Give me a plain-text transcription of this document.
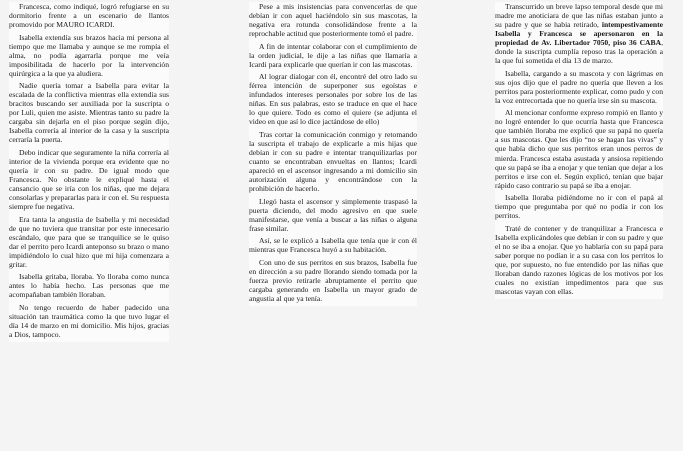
Francesca, como indiqué, logró refugiarse en su dormitorio frente a un escenario de llantos promovido por MAURO ICARDI.

Isabella extendía sus brazos hacia mi persona al tiempo que me llamaba y aunque se me rompía el alma, no podía agarrarla porque me veía imposibilitada de hacerlo por la intervención quirúrgica a la que ya aludiera.

Nadie quería tomar a Isabella para evitar la escalada de la conflictiva mientras ella extendía sus bracitos buscando ser auxiliada por la suscripta o por Luli, quien me asiste. Mientras tanto su padre la cargaba sin dejarla en el piso porque según dijo, Isabella correría al interior de la casa y la suscripta cerraría la puerta.

Debo indicar que seguramente la niña correría al interior de la vivienda porque era evidente que no quería ir con su padre. De igual modo que Francesca. No obstante le expliqué hasta el cansancio que se iría con los niñas, que me dejara consolarlas y prepararlas para ir con el. Su respuesta siempre fue negativa.

Era tanta la angustia de Isabella y mi necesidad de que no tuviera que transitar por este innecesario escándalo, que para que se tranquilice se le quiso dar el perrito pero Icardi anteponso su brazo o mano impidiéndolo lo cual hizo que mi hija comenzara a gritar.

Isabella gritaba, lloraba. Yo lloraba como nunca antes lo había hecho. Las personas que me acompañaban también lloraban.

No tengo recuerdo de haber padecido una situación tan traumática como la que tuvo lugar el día 14 de marzo en mi domicilio. Mis hijos, gracias a Dios, tampoco.

Pese a mis insistencias para convencerlas de que debían ir con aquel haciéndolo sin sus mascotas, la negativa era rotunda consolidándose frente a la reprochable actitud que posteriormente tomó el padre.

A fin de intentar colaborar con el cumplimiento de la orden judicial, le dije a las niñas que llamaría a Icardi para explicarle que querían ir con las mascotas.

Al lograr dialogar con él, encontré del otro lado su férrea intención de superponer sus egoístas e infundados intereses personales por sobre los de las niñas. En sus palabras, esto se traduce en que el hace lo que quiere. Todo es como el quiere (se adjunta el video en que así lo dice jactándose de ello)

Tras cortar la comunicación conmigo y retomando la suscripta el trabajo de explicarle a mis hijas que debían ir con su padre e intentar tranquilizarlas por cuanto se encontraban envueltas en llantos; Icardi apareció en el ascensor ingresando a mi domicilio sin autorización alguna y encontrándose con la prohibición de hacerlo.

Llegó hasta el ascensor y simplemente traspasó la puerta diciendo, del modo agresivo en que suele manifestarse, que venía a buscar a las niñas o alguna frase similar.

Así, se le explicó a Isabella que tenía que ir con él mientras que Francesca huyó a su habitación.

Con uno de sus perritos en sus brazos, Isabella fue en dirección a su padre llorando siendo tomada por la fuerza previo retirarle abruptamente el perrito que cargaba generando en Isabella un mayor grado de angustia al que ya tenía.

Transcurrido un breve lapso temporal desde que mi madre me anoticiara de que las niñas estaban junto a su padre y que se habia retirado, intempestivamente Isabella y Francesca se apersonaron en la propiedad de Av. Libertador 7050, piso 36 CABA, donde la suscripta cumplía reposo tras la operación a la que fui sometida el día 13 de marzo.

Isabella, cargando a su mascota y con lágrimas en sus ojos dijo que el padre no quería que lleven a los perritos para posteriormente explicar, como pudo y con la voz entrecortada que no quería irse sin su mascota.

Al mencionar conforme expreso rompió en llanto y no logré entender lo que ocurría hasta que Francesca que también lloraba me explicó que su papá no quería a sus mascotas. Que les dijo “no se hagan las vivas” y que había dicho que sus perritos eran unos perros de mierda. Francesca estaba asustada y ansiosa repitiendo que su papá se iba a enojar y que tenían que dejar a los perritos e irse con el. Según explicó, tenían que bajar rápido caso contrario su papá se iba a enojar.

Isabella lloraba pidiéndome no ir con el papá al tiempo que preguntaba por qué no podía ir con los perritos.

Traté de contener y de tranquilizar a Francesca e Isabella explicándoles que debían ir con su padre y que el no se iba a enojar. Que yo hablaría con su papá para saber porque no podían ir a su casa con los perritos lo que, por supuesto, no fue entendido por las niñas que lloraban dando razones lógicas de los motivos por los cuales no existían impedimentos para que sus mascotas vayan con ellas.
